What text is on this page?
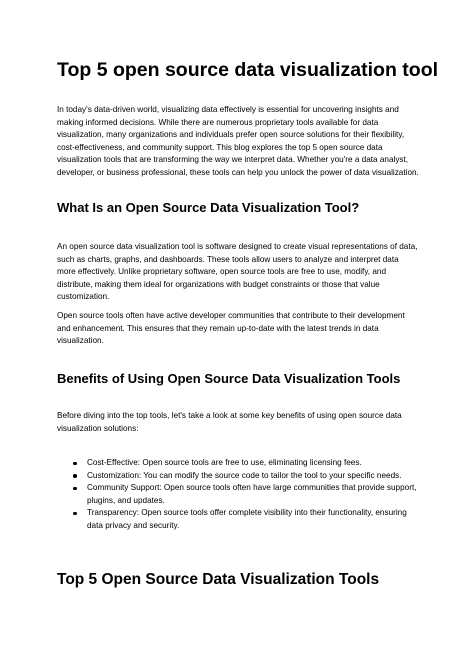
Top 5 open source data visualization tool

In today's data-driven world, visualizing data effectively is essential for uncovering insights and making informed decisions. While there are numerous proprietary tools available for data visualization, many organizations and individuals prefer open source solutions for their flexibility, cost-effectiveness, and community support. This blog explores the top 5 open source data visualization tools that are transforming the way we interpret data. Whether you're a data analyst, developer, or business professional, these tools can help you unlock the power of data visualization.

What Is an Open Source Data Visualization Tool?

An open source data visualization tool is software designed to create visual representations of data, such as charts, graphs, and dashboards. These tools allow users to analyze and interpret data more effectively. Unlike proprietary software, open source tools are free to use, modify, and distribute, making them ideal for organizations with budget constraints or those that value customization.

Open source tools often have active developer communities that contribute to their development and enhancement. This ensures that they remain up-to-date with the latest trends in data visualization.

Benefits of Using Open Source Data Visualization Tools

Before diving into the top tools, let's take a look at some key benefits of using open source data visualization solutions:

Cost-Effective: Open source tools are free to use, eliminating licensing fees.
Customization: You can modify the source code to tailor the tool to your specific needs.
Community Support: Open source tools often have large communities that provide support, plugins, and updates.
Transparency: Open source tools offer complete visibility into their functionality, ensuring data privacy and security.
Top 5 Open Source Data Visualization Tools
